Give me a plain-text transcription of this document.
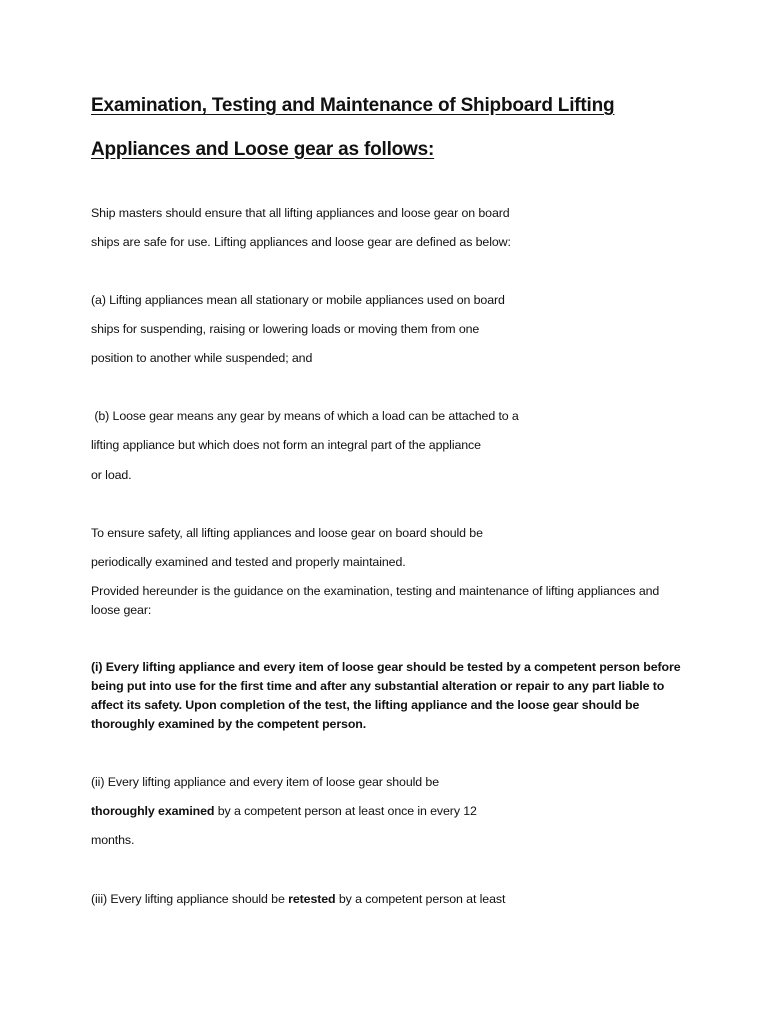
Examination, Testing and Maintenance of Shipboard Lifting
Appliances and Loose gear as follows:

Ship masters should ensure that all lifting appliances and loose gear on board

ships are safe for use. Lifting appliances and loose gear are defined as below:

(a) Lifting appliances mean all stationary or mobile appliances used on board

ships for suspending, raising or lowering loads or moving them from one

position to another while suspended; and

(b) Loose gear means any gear by means of which a load can be attached to a

lifting appliance but which does not form an integral part of the appliance

or load.

To ensure safety, all lifting appliances and loose gear on board should be

periodically examined and tested and properly maintained.

Provided hereunder is the guidance on the examination, testing and maintenance of lifting appliances and loose gear:

(i) Every lifting appliance and every item of loose gear should be tested by a competent person before being put into use for the first time and after any substantial alteration or repair to any part liable to affect its safety. Upon completion of the test, the lifting appliance and the loose gear should be thoroughly examined by the competent person.

(ii) Every lifting appliance and every item of loose gear should be

thoroughly examined by a competent person at least once in every 12

months.

(iii) Every lifting appliance should be retested by a competent person at least
